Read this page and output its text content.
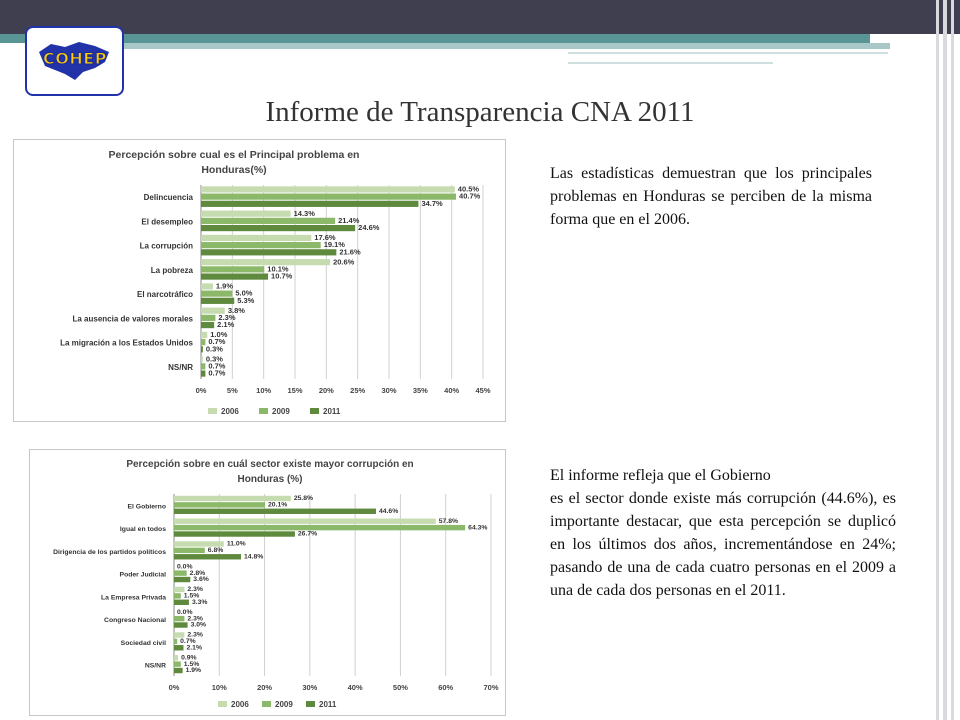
COHEP
Informe de Transparencia CNA 2011
Percepción sobre cual es el Principal problema en
Honduras(%)
0%	5% 10% 15% 20% 25% 30% 35% 40% 45%
Delincuencia
40.5%
40.7%
34.7%
El desempleo
14.3%
21.4%
24.6%
La corrupción
17.6%
19.1%
21.6%
La pobreza
20.6%
10.1%
10.7%
El narcotráfico
1.9%
5.0%
5.3%
La ausencia de valores morales
3.8%
2.3%
2.1%
La migración a los Estados Unidos
1.0%
0.7%
0.3%
NS/NR
0.3%
0.7%
0.7%
2006	2009	2011
Percepción sobre en cuál sector existe mayor corrupción en
Honduras (%)
0%	10%	20%	30%	40%	50%	60%	70%
El Gobierno
25.8%
20.1%
44.6%
Igual en todos
57.8%
64.3%
26.7%
Dirigencia de los partidos políticos
11.0%
6.8%
14.8%
Poder Judicial
0.0%
2.8%
3.6%
La Empresa Privada
2.3%
1.5%
3.3%
Congreso Nacional
0.0%
2.3%
3.0%
Sociedad civil
2.3%
0.7%
2.1%
NS/NR
0.9%
1.5%
1.9%
2006	2009	2011
Las estadísticas demuestran que los principales problemas en Honduras se perciben de la misma forma que en el 2006.
El informe refleja que el Gobierno
es el sector donde existe más corrupción (44.6%), es importante destacar, que esta percepción se duplicó en los últimos dos años, incrementándose en 24%; pasando de una de cada cuatro personas en el 2009 a una de cada dos personas en el 2011.
